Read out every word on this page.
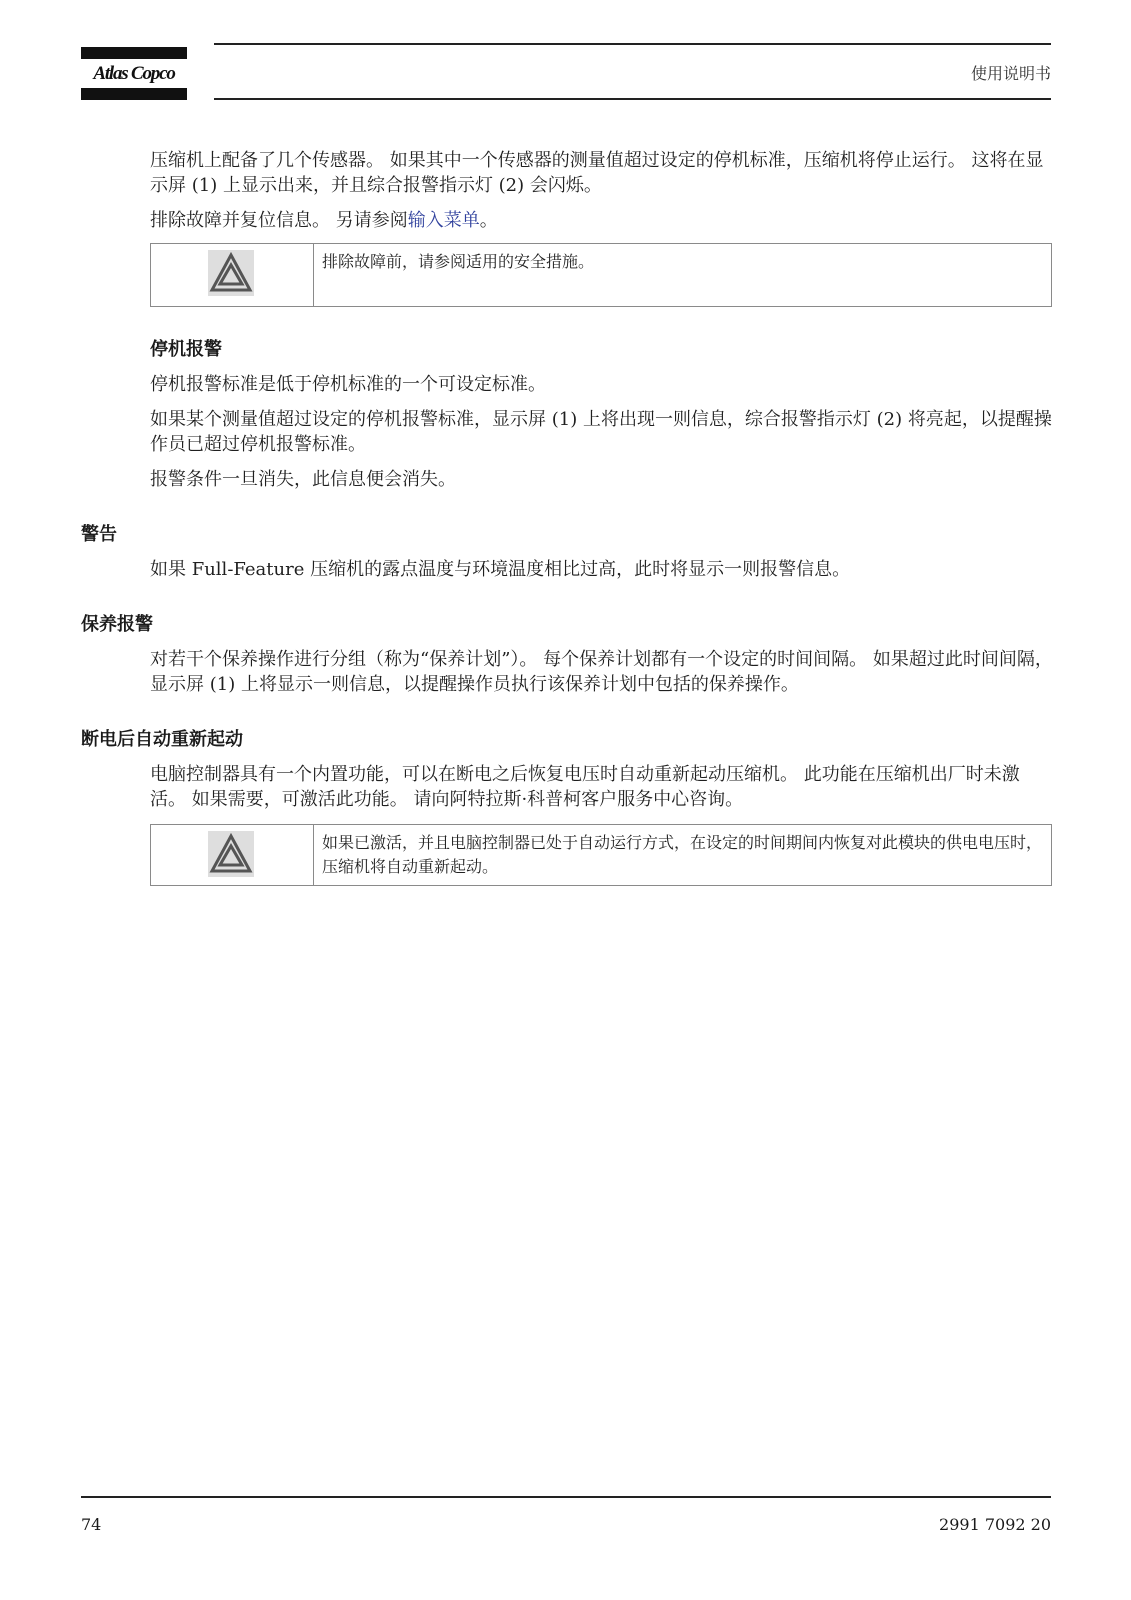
Atlas Copco	使用说明书

压缩机上配备了几个传感器。 如果其中一个传感器的测量值超过设定的停机标准，压缩机将停止运行。 这将在显示屏 (1) 上显示出来，并且综合报警指示灯 (2) 会闪烁。

排除故障并复位信息。 另请参阅输入菜单。

排除故障前，请参阅适用的安全措施。
停机报警

停机报警标准是低于停机标准的一个可设定标准。

如果某个测量值超过设定的停机报警标准，显示屏 (1) 上将出现一则信息，综合报警指示灯 (2) 将亮起，以提醒操作员已超过停机报警标准。

报警条件一旦消失，此信息便会消失。

警告

如果 Full-Feature 压缩机的露点温度与环境温度相比过高，此时将显示一则报警信息。

保养报警

对若干个保养操作进行分组（称为“保养计划”）。 每个保养计划都有一个设定的时间间隔。 如果超过此时间间隔，显示屏 (1) 上将显示一则信息，以提醒操作员执行该保养计划中包括的保养操作。

断电后自动重新起动

电脑控制器具有一个内置功能，可以在断电之后恢复电压时自动重新起动压缩机。 此功能在压缩机出厂时未激活。 如果需要，可激活此功能。 请向阿特拉斯·科普柯客户服务中心咨询。

如果已激活，并且电脑控制器已处于自动运行方式，在设定的时间期间内恢复对此模块的供电电压时，压缩机将自动重新起动。
74	2991 7092 20
